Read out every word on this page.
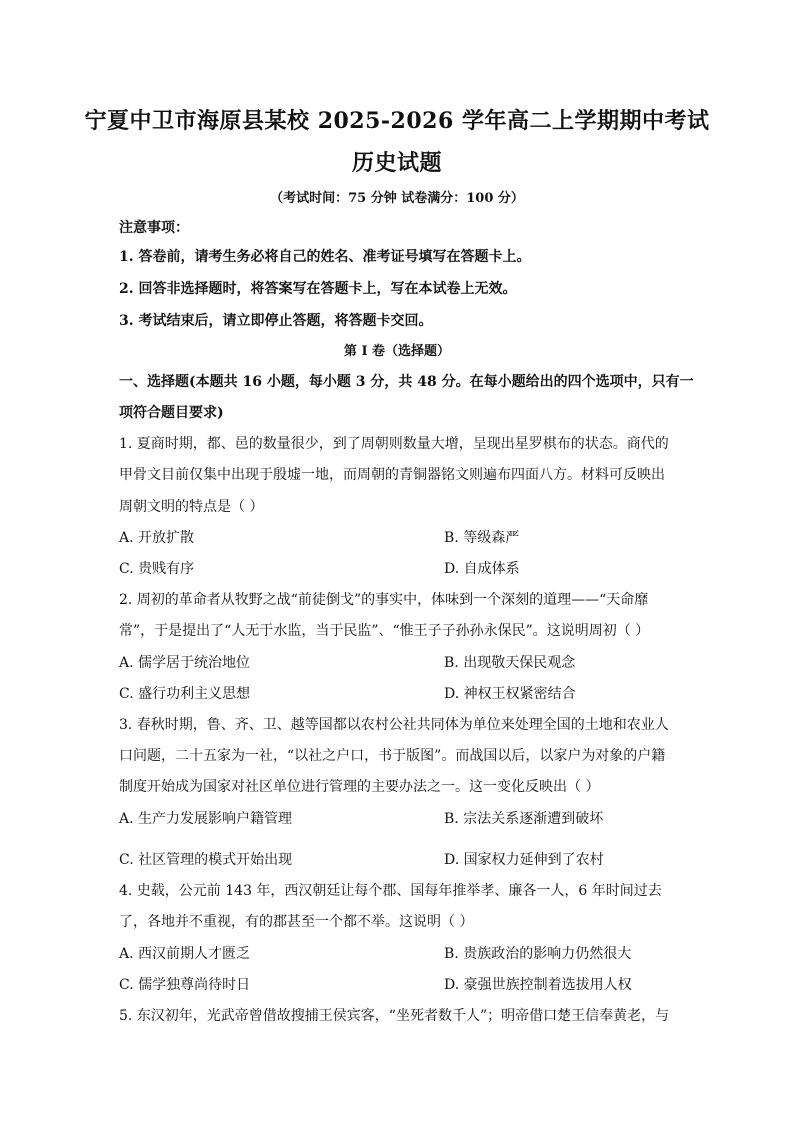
宁夏中卫市海原县某校 2025-2026 学年高二上学期期中考试
历史试题
（考试时间：75 分钟 试卷满分：100 分）
注意事项：
1. 答卷前，请考生务必将自己的姓名、准考证号填写在答题卡上。
2. 回答非选择题时，将答案写在答题卡上，写在本试卷上无效。
3. 考试结束后，请立即停止答题，将答题卡交回。
第 I 卷（选择题）
一、选择题(本题共 16 小题，每小题 3 分，共 48 分。在每小题给出的四个选项中，只有一
项符合题目要求)
1. 夏商时期，都、邑的数量很少，到了周朝则数量大增，呈现出星罗棋布的状态。商代的
甲骨文目前仅集中出现于殷墟一地，而周朝的青铜器铭文则遍布四面八方。材料可反映出
周朝文明的特点是（ ）
A. 开放扩散	B. 等级森严
C. 贵贱有序	D. 自成体系
2. 周初的革命者从牧野之战“前徒倒戈”的事实中，体味到一个深刻的道理——“天命靡
常”，于是提出了“人无于水监，当于民监”、“惟王子子孙孙永保民”。这说明周初（ ）
A. 儒学居于统治地位	B. 出现敬天保民观念
C. 盛行功利主义思想	D. 神权王权紧密结合
3. 春秋时期，鲁、齐、卫、越等国都以农村公社共同体为单位来处理全国的土地和农业人
口问题，二十五家为一社，“以社之户口，书于版图”。而战国以后，以家户为对象的户籍
制度开始成为国家对社区单位进行管理的主要办法之一。这一变化反映出（ ）
A. 生产力发展影响户籍管理	B. 宗法关系逐渐遭到破坏
C. 社区管理的模式开始出现	D. 国家权力延伸到了农村
4. 史载，公元前 143 年，西汉朝廷让每个郡、国每年推举孝、廉各一人，6 年时间过去
了，各地并不重视，有的郡甚至一个都不举。这说明（ ）
A. 西汉前期人才匮乏	B. 贵族政治的影响力仍然很大
C. 儒学独尊尚待时日	D. 豪强世族控制着选拔用人权
5. 东汉初年，光武帝曾借故搜捕王侯宾客，“坐死者数千人”；明帝借口楚王信奉黄老，与
